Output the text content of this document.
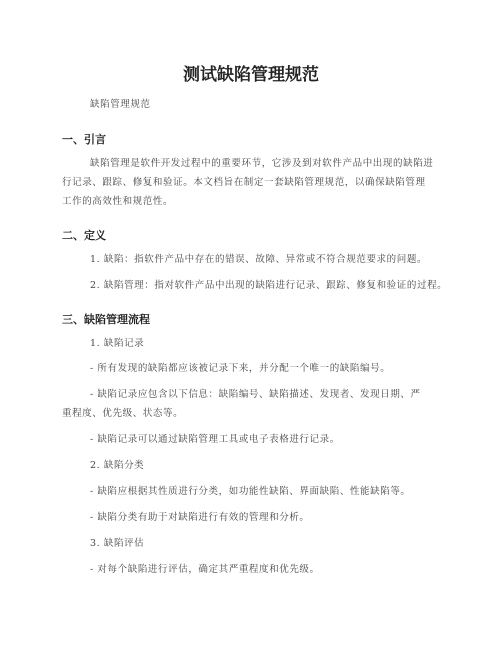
测试缺陷管理规范
缺陷管理规范
一、引言
缺陷管理是软件开发过程中的重要环节，它涉及到对软件产品中出现的缺陷进
行记录、跟踪、修复和验证。本文档旨在制定一套缺陷管理规范，以确保缺陷管理
工作的高效性和规范性。
二、定义
1. 缺陷：指软件产品中存在的错误、故障、异常或不符合规范要求的问题。
2. 缺陷管理：指对软件产品中出现的缺陷进行记录、跟踪、修复和验证的过程。
三、缺陷管理流程
1. 缺陷记录
- 所有发现的缺陷都应该被记录下来，并分配一个唯一的缺陷编号。
- 缺陷记录应包含以下信息：缺陷编号、缺陷描述、发现者、发现日期、严
重程度、优先级、状态等。
- 缺陷记录可以通过缺陷管理工具或电子表格进行记录。
2. 缺陷分类
- 缺陷应根据其性质进行分类，如功能性缺陷、界面缺陷、性能缺陷等。
- 缺陷分类有助于对缺陷进行有效的管理和分析。
3. 缺陷评估
- 对每个缺陷进行评估，确定其严重程度和优先级。
